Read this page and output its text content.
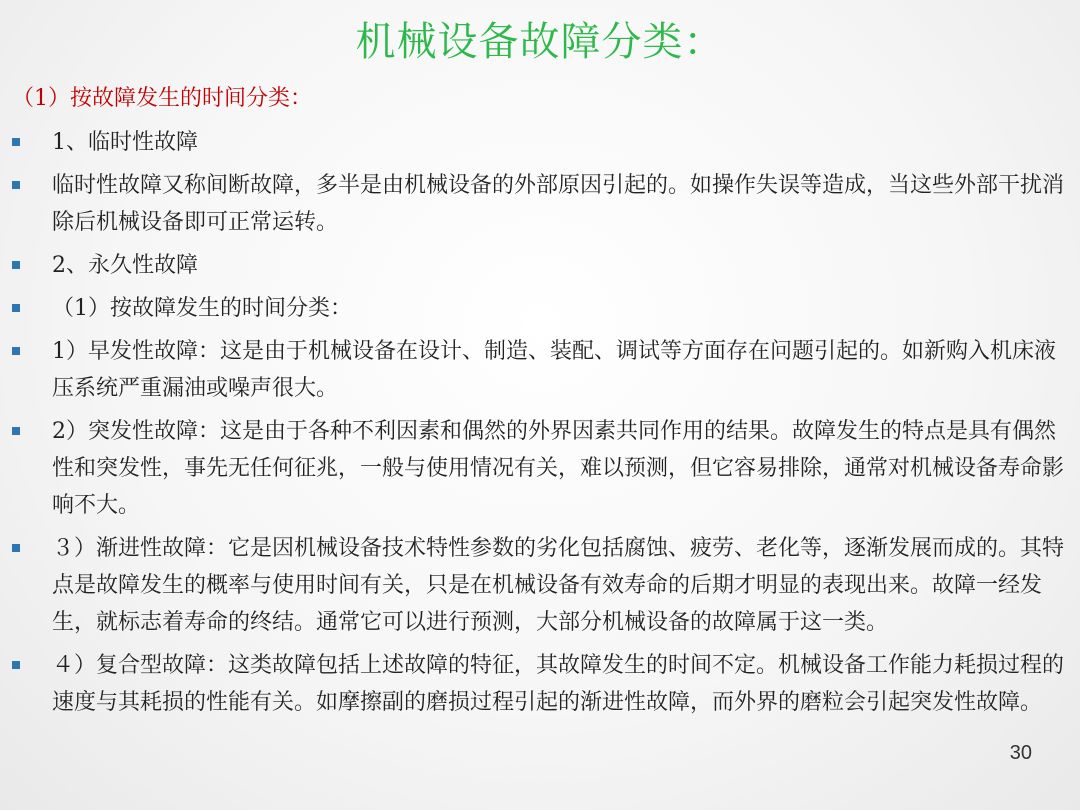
机械设备故障分类：
（1）按故障发生的时间分类：
1、临时性故障
临时性故障又称间断故障，多半是由机械设备的外部原因引起的。如操作失误等造成，当这些外部干扰消除后机械设备即可正常运转。
2、永久性故障
（1）按故障发生的时间分类：
1）早发性故障：这是由于机械设备在设计、制造、装配、调试等方面存在问题引起的。如新购入机床液压系统严重漏油或噪声很大。
2）突发性故障：这是由于各种不利因素和偶然的外界因素共同作用的结果。故障发生的特点是具有偶然性和突发性，事先无任何征兆，一般与使用情况有关，难以预测，但它容易排除，通常对机械设备寿命影响不大。
３）渐进性故障：它是因机械设备技术特性参数的劣化包括腐蚀、疲劳、老化等，逐渐发展而成的。其特点是故障发生的概率与使用时间有关，只是在机械设备有效寿命的后期才明显的表现出来。故障一经发生，就标志着寿命的终结。通常它可以进行预测，大部分机械设备的故障属于这一类。
４）复合型故障：这类故障包括上述故障的特征，其故障发生的时间不定。机械设备工作能力耗损过程的速度与其耗损的性能有关。如摩擦副的磨损过程引起的渐进性故障，而外界的磨粒会引起突发性故障。
30
